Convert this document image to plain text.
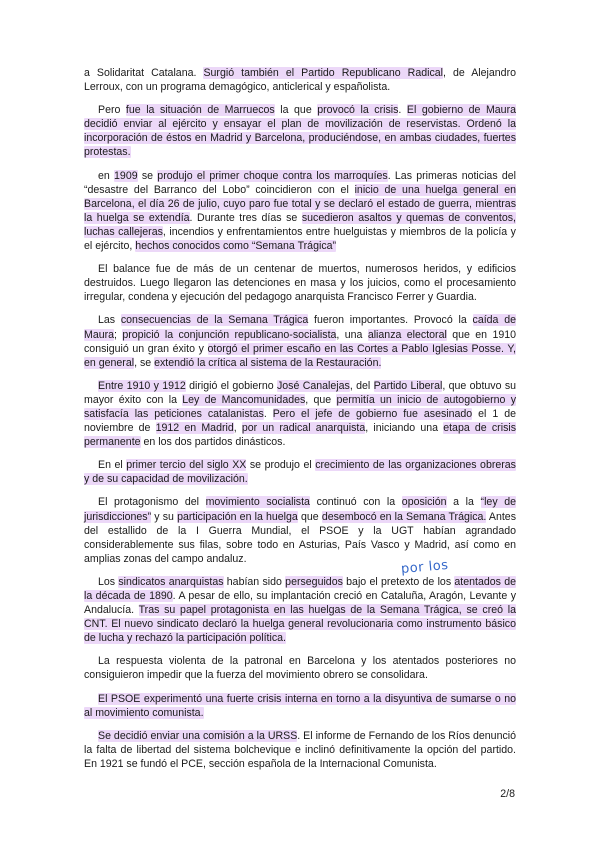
a Solidaritat Catalana. Surgió también el Partido Republicano Radical, de Alejandro Lerroux, con un programa demagógico, anticlerical y españolista.

Pero fue la situación de Marruecos la que provocó la crisis. El gobierno de Maura decidió enviar al ejército y ensayar el plan de movilización de reservistas. Ordenó la incorporación de éstos en Madrid y Barcelona, produciéndose, en ambas ciudades, fuertes protestas.

en 1909 se produjo el primer choque contra los marroquíes. Las primeras noticias del “desastre del Barranco del Lobo” coincidieron con el inicio de una huelga general en Barcelona, el día 26 de julio, cuyo paro fue total y se declaró el estado de guerra, mientras la huelga se extendía. Durante tres días se sucedieron asaltos y quemas de conventos, luchas callejeras, incendios y enfrentamientos entre huelguistas y miembros de la policía y el ejército, hechos conocidos como “Semana Trágica”

El balance fue de más de un centenar de muertos, numerosos heridos, y edificios destruidos. Luego llegaron las detenciones en masa y los juicios, como el procesamiento irregular, condena y ejecución del pedagogo anarquista Francisco Ferrer y Guardia.

Las consecuencias de la Semana Trágica fueron importantes. Provocó la caída de Maura; propició la conjunción republicano-socialista, una alianza electoral que en 1910 consiguió un gran éxito y otorgó el primer escaño en las Cortes a Pablo Iglesias Posse. Y, en general, se extendió la crítica al sistema de la Restauración.

Entre 1910 y 1912 dirigió el gobierno José Canalejas, del Partido Liberal, que obtuvo su mayor éxito con la Ley de Mancomunidades, que permitía un inicio de autogobierno y satisfacía las peticiones catalanistas. Pero el jefe de gobierno fue asesinado el 1 de noviembre de 1912 en Madrid, por un radical anarquista, iniciando una etapa de crisis permanente en los dos partidos dinásticos.

En el primer tercio del siglo XX se produjo el crecimiento de las organizaciones obreras y de su capacidad de movilización.

El protagonismo del movimiento socialista continuó con la oposición a la “ley de jurisdicciones” y su participación en la huelga que desembocó en la Semana Trágica. Antes del estallido de la I Guerra Mundial, el PSOE y la UGT habían agrandado considerablemente sus filas, sobre todo en Asturias, País Vasco y Madrid, así como en amplias zonas del campo andaluz.

Los sindicatos anarquistas habían sido perseguidos bajo el pretexto de los atentados de la década de 1890. A pesar de ello, su implantación creció en Cataluña, Aragón, Levante y Andalucía. Tras su papel protagonista en las huelgas de la Semana Trágica, se creó la CNT. El nuevo sindicato declaró la huelga general revolucionaria como instrumento básico de lucha y rechazó la participación política.

La respuesta violenta de la patronal en Barcelona y los atentados posteriores no consiguieron impedir que la fuerza del movimiento obrero se consolidara.

El PSOE experimentó una fuerte crisis interna en torno a la disyuntiva de sumarse o no al movimiento comunista.

Se decidió enviar una comisión a la URSS. El informe de Fernando de los Ríos denunció la falta de libertad del sistema bolchevique e inclinó definitivamente la opción del partido. En 1921 se fundó el PCE, sección española de la Internacional Comunista.

por los
2/8
